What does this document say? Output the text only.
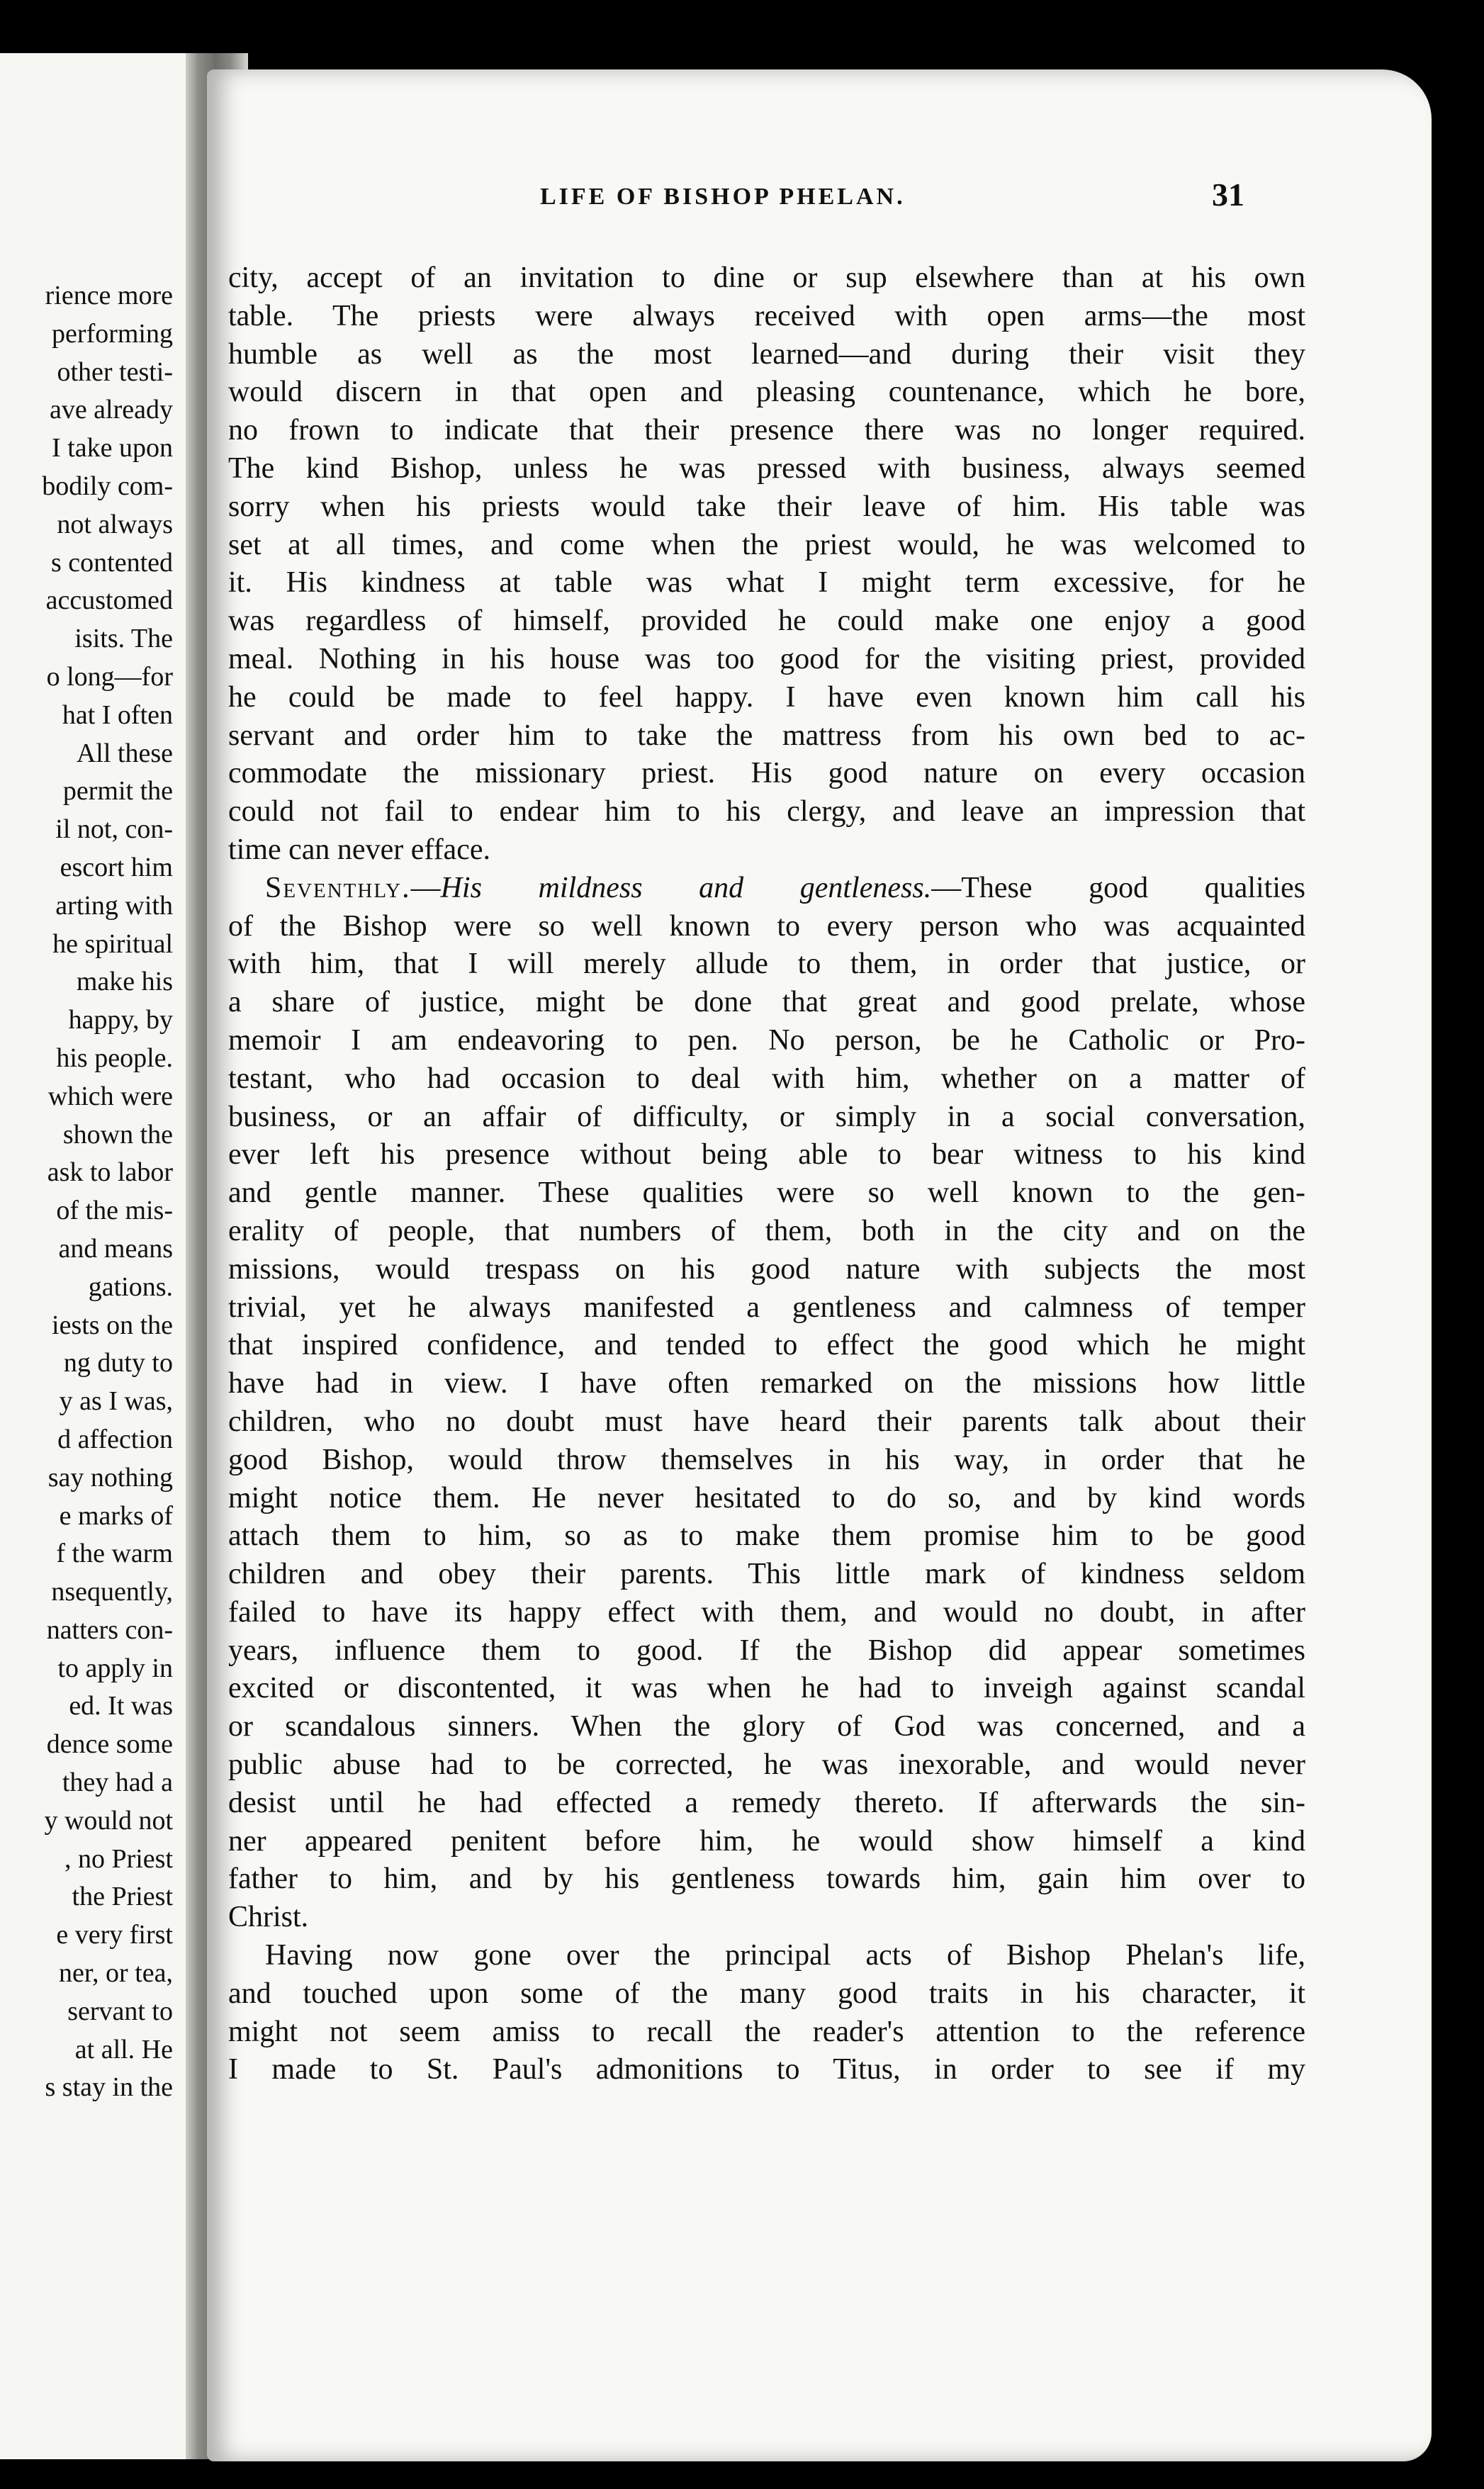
rience more
performing
other testi-
ave already
I take upon
bodily com-
not always
s contented
accustomed
isits. The
o long—for
hat I often
All these
permit the
il not, con-
escort him
arting with
he spiritual
make his
happy, by
his people.
which were
shown the
ask to labor
of the mis-
and means
gations.
iests on the
ng duty to
y as I was,
d affection
say nothing
e marks of
f the warm
nsequently,
natters con-
to apply in
ed. It was
dence some
they had a
y would not
, no Priest
the Priest
e very first
ner, or tea,
servant to
at all. He
s stay in the
LIFE OF BISHOP PHELAN.	31
city, accept of an invitation to dine or sup elsewhere than at his own
table. The priests were always received with open arms—the most
humble as well as the most learned—and during their visit they
would discern in that open and pleasing countenance, which he bore,
no frown to indicate that their presence there was no longer required.
The kind Bishop, unless he was pressed with business, always seemed
sorry when his priests would take their leave of him. His table was
set at all times, and come when the priest would, he was welcomed to
it. His kindness at table was what I might term excessive, for he
was regardless of himself, provided he could make one enjoy a good
meal. Nothing in his house was too good for the visiting priest, provided
he could be made to feel happy. I have even known him call his
servant and order him to take the mattress from his own bed to ac-
commodate the missionary priest. His good nature on every occasion
could not fail to endear him to his clergy, and leave an impression that
time can never efface.
Seventhly.—His mildness and gentleness.—These good qualities
of the Bishop were so well known to every person who was acquainted
with him, that I will merely allude to them, in order that justice, or
a share of justice, might be done that great and good prelate, whose
memoir I am endeavoring to pen. No person, be he Catholic or Pro-
testant, who had occasion to deal with him, whether on a matter of
business, or an affair of difficulty, or simply in a social conversation,
ever left his presence without being able to bear witness to his kind
and gentle manner. These qualities were so well known to the gen-
erality of people, that numbers of them, both in the city and on the
missions, would trespass on his good nature with subjects the most
trivial, yet he always manifested a gentleness and calmness of temper
that inspired confidence, and tended to effect the good which he might
have had in view. I have often remarked on the missions how little
children, who no doubt must have heard their parents talk about their
good Bishop, would throw themselves in his way, in order that he
might notice them. He never hesitated to do so, and by kind words
attach them to him, so as to make them promise him to be good
children and obey their parents. This little mark of kindness seldom
failed to have its happy effect with them, and would no doubt, in after
years, influence them to good. If the Bishop did appear sometimes
excited or discontented, it was when he had to inveigh against scandal
or scandalous sinners. When the glory of God was concerned, and a
public abuse had to be corrected, he was inexorable, and would never
desist until he had effected a remedy thereto. If afterwards the sin-
ner appeared penitent before him, he would show himself a kind
father to him, and by his gentleness towards him, gain him over to
Christ.
Having now gone over the principal acts of Bishop Phelan's life,
and touched upon some of the many good traits in his character, it
might not seem amiss to recall the reader's attention to the reference
I made to St. Paul's admonitions to Titus, in order to see if my
